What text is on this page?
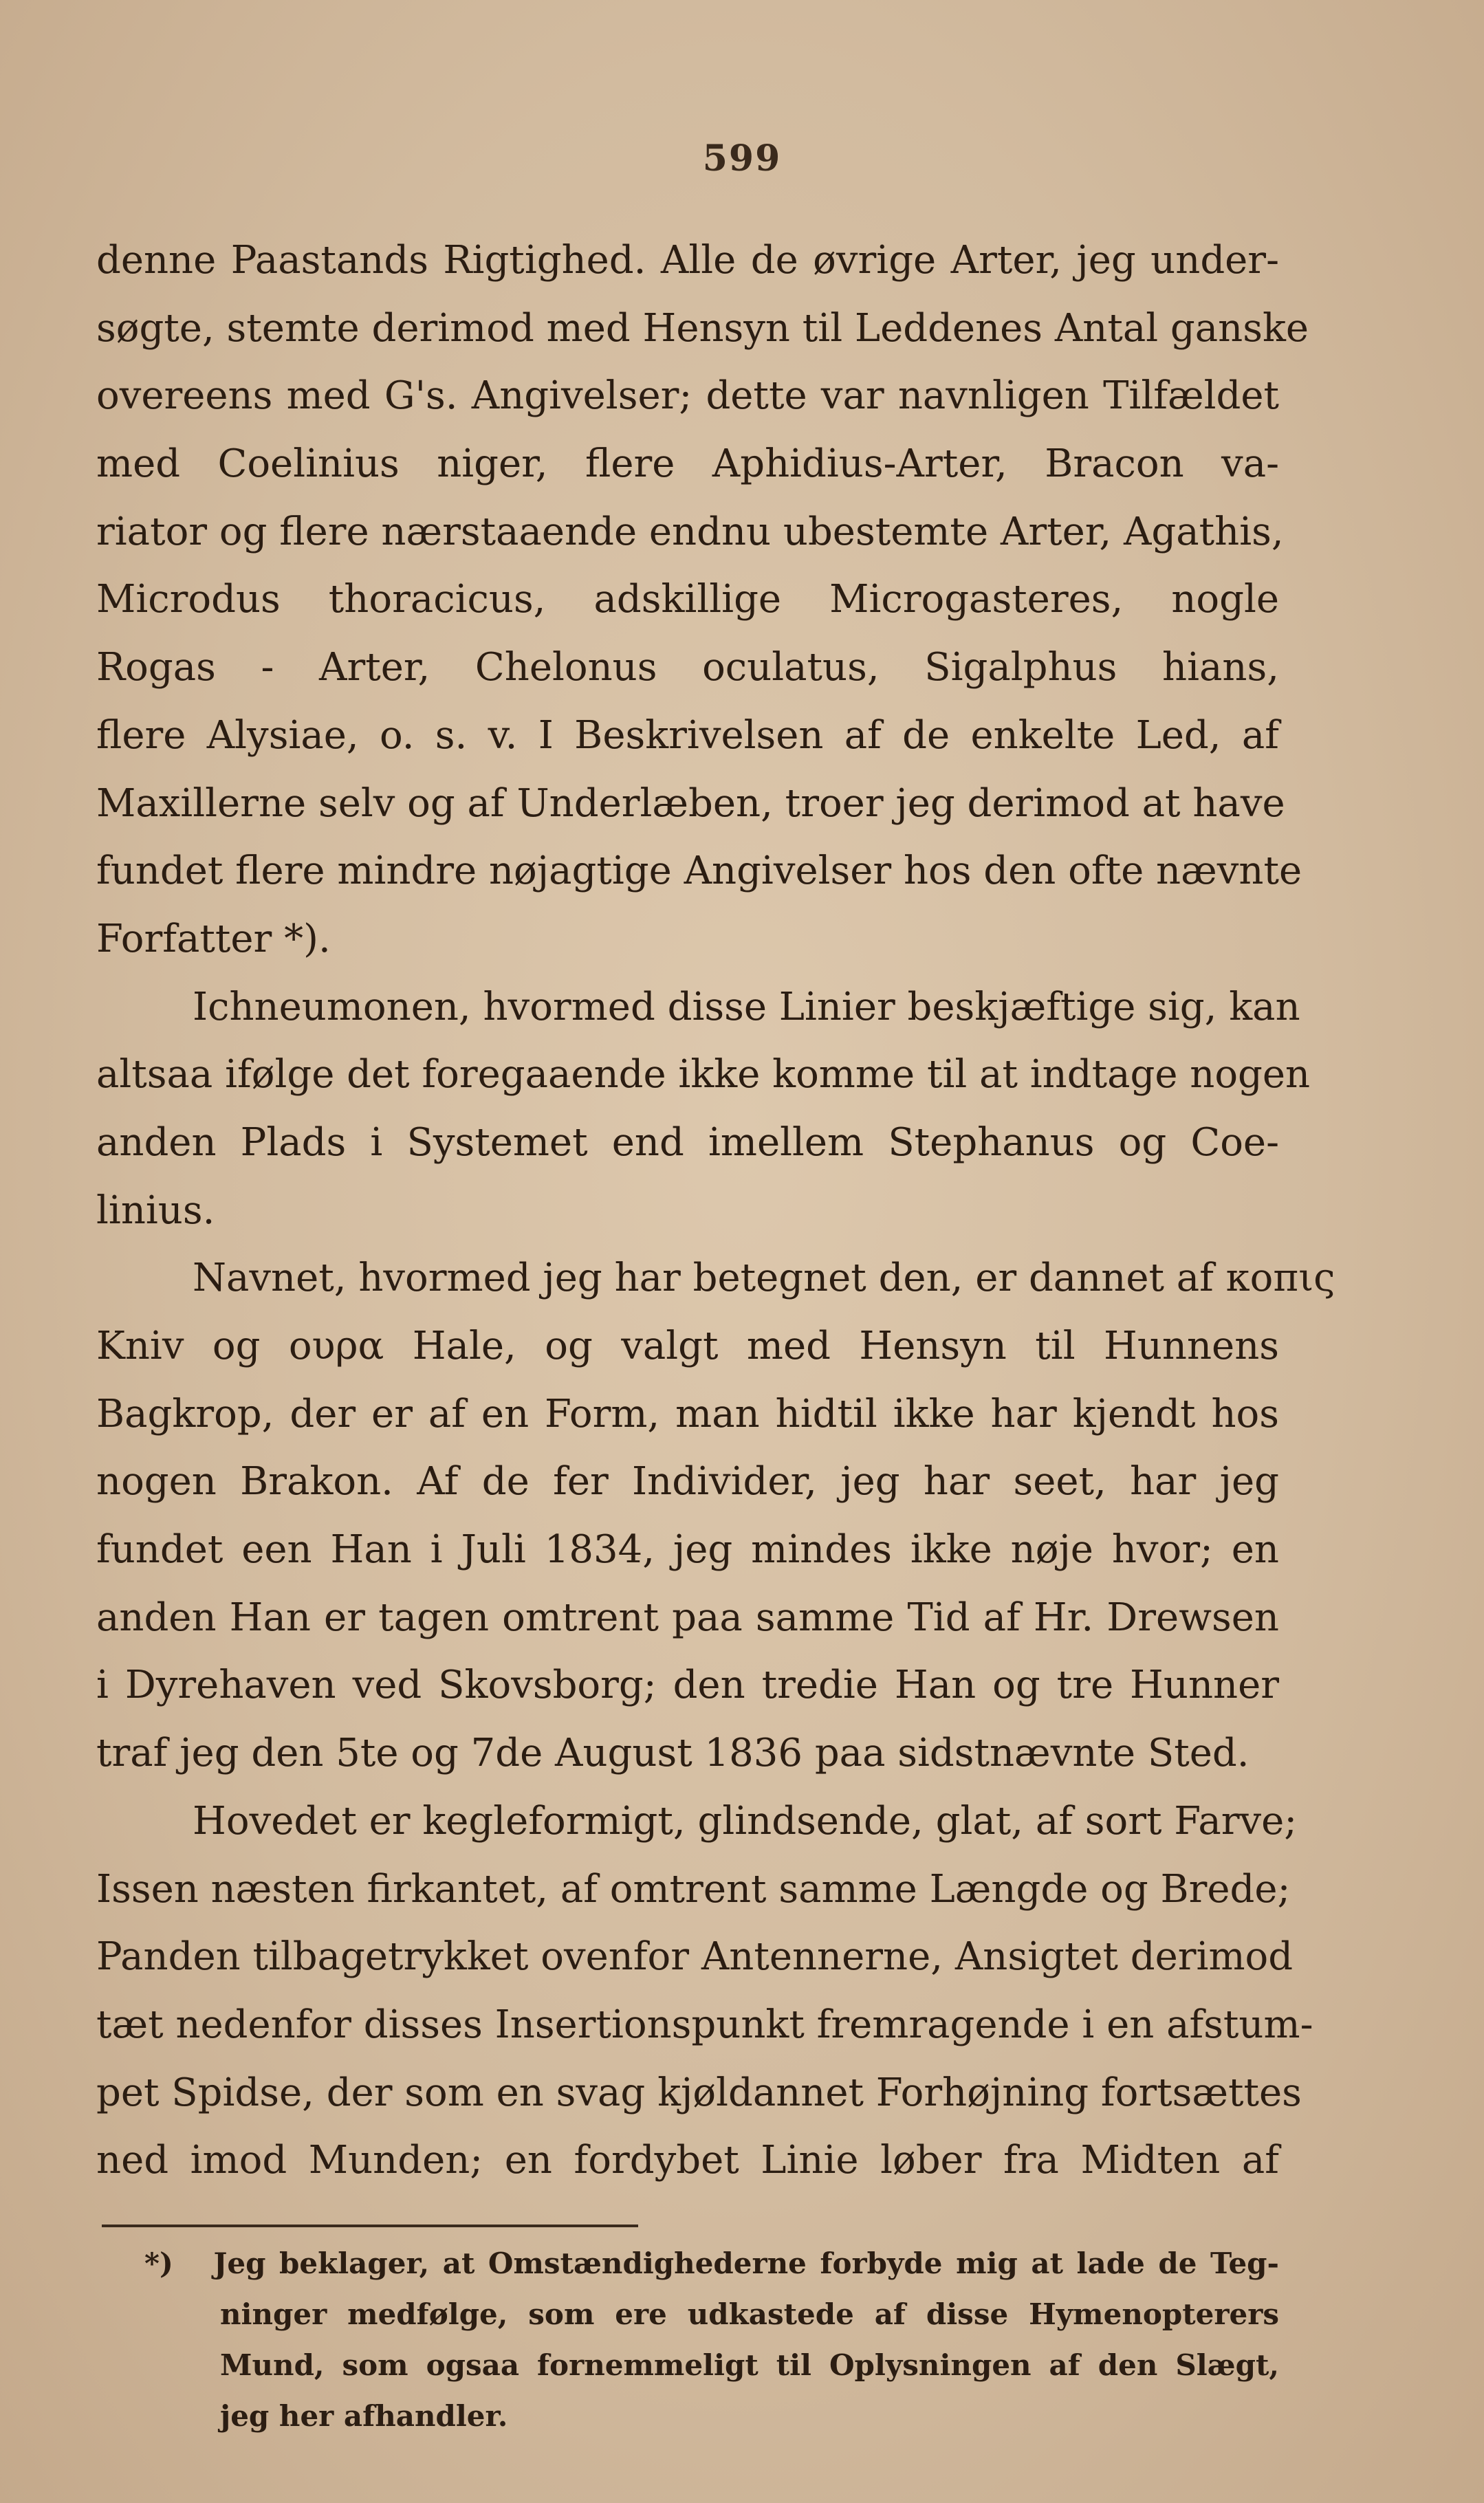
599
denne Paastands Rigtighed. Alle de øvrige Arter, jeg under-
søgte, stemte derimod med Hensyn til Leddenes Antal ganske
overeens med G's. Angivelser; dette var navnligen Tilfældet
med Coelinius niger, flere Aphidius-Arter, Bracon va-
riator og flere nærstaaende endnu ubestemte Arter, Agathis,
Microdus thoracicus, adskillige Microgasteres, nogle
Rogas - Arter, Chelonus oculatus, Sigalphus hians,
flere Alysiae, o. s. v. I Beskrivelsen af de enkelte Led, af
Maxillerne selv og af Underlæben, troer jeg derimod at have
fundet flere mindre nøjagtige Angivelser hos den ofte nævnte
Forfatter *).
Ichneumonen, hvormed disse Linier beskjæftige sig, kan
altsaa ifølge det foregaaende ikke komme til at indtage nogen
anden Plads i Systemet end imellem Stephanus og Coe-
linius.
Navnet, hvormed jeg har betegnet den, er dannet af κοπις
Kniv og ουρα Hale, og valgt med Hensyn til Hunnens
Bagkrop, der er af en Form, man hidtil ikke har kjendt hos
nogen Brakon. Af de fer Individer, jeg har seet, har jeg
fundet een Han i Juli 1834, jeg mindes ikke nøje hvor; en
anden Han er tagen omtrent paa samme Tid af Hr. Drewsen
i Dyrehaven ved Skovsborg; den tredie Han og tre Hunner
traf jeg den 5te og 7de August 1836 paa sidstnævnte Sted.
Hovedet er kegleformigt, glindsende, glat, af sort Farve;
Issen næsten firkantet, af omtrent samme Længde og Brede;
Panden tilbagetrykket ovenfor Antennerne, Ansigtet derimod
tæt nedenfor disses Insertionspunkt fremragende i en afstum-
pet Spidse, der som en svag kjøldannet Forhøjning fortsættes
ned imod Munden; en fordybet Linie løber fra Midten af
*) Jeg beklager, at Omstændighederne forbyde mig at lade de Teg-
ninger medfølge, som ere udkastede af disse Hymenopterers
Mund, som ogsaa fornemmeligt til Oplysningen af den Slægt,
jeg her afhandler.
